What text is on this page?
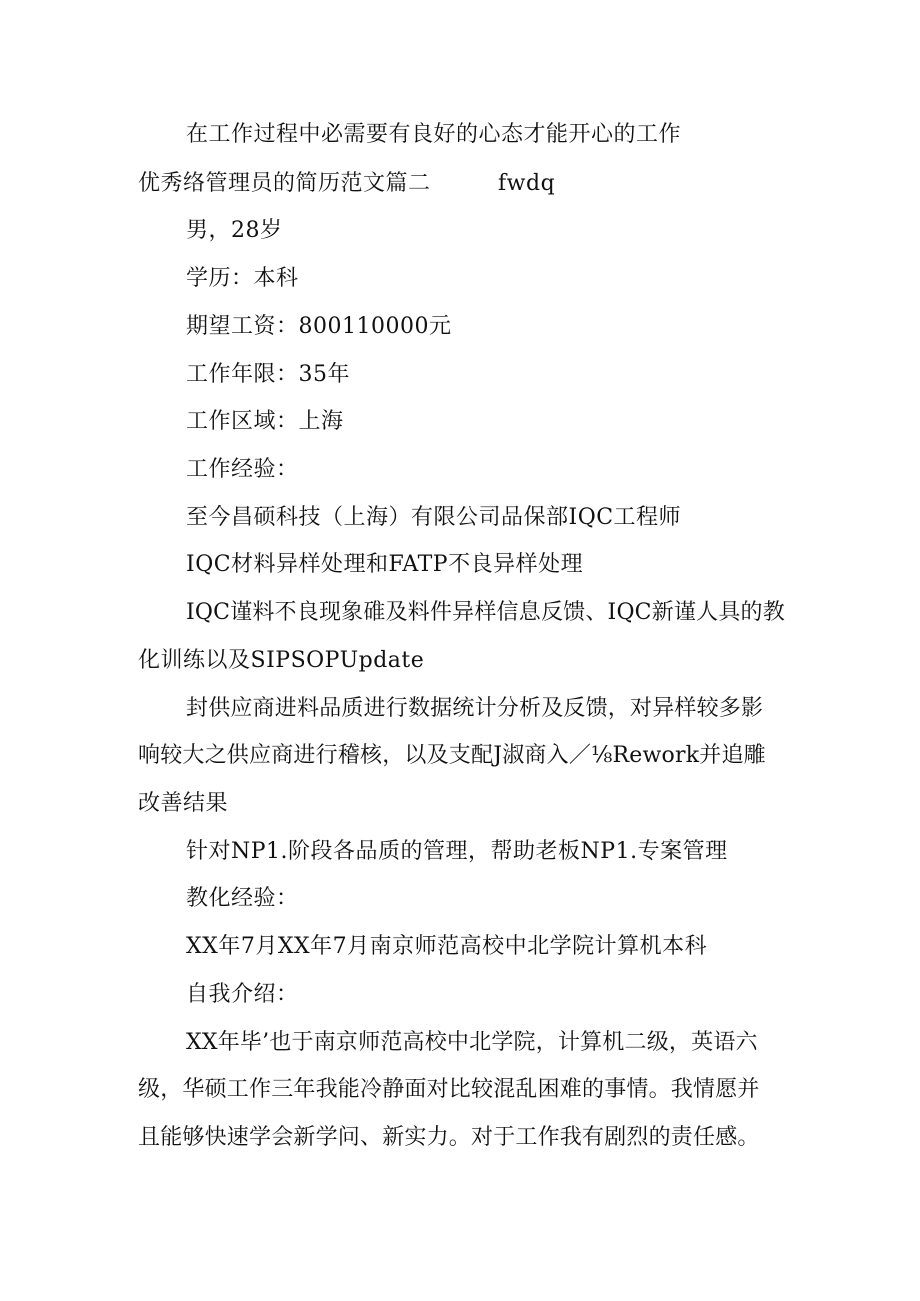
在工作过程中必需要有良好的心态才能开心的工作
优秀络管理员的简历范文篇二	fwdq
男，28岁
学历：本科
期望工资：800110000元
工作年限：35年
工作区域：上海
工作经验：
至今昌硕科技（上海）有限公司品保部IQC工程师
IQC材料异样处理和FATP不良异样处理
IQC谨料不良现象碓及料件异样信息反馈、IQC新谨人具的教
化训练以及SIPSOPUpdate
封供应商进料品质进行数据统计分析及反馈，对异样较多影
响较大之供应商进行稽核，以及支配J淑商入／⅛Rework并追雕
改善结果
针对NP1.阶段各品质的管理，帮助老板NP1.专案管理
教化经验：
XX年7月XX年7月南京师范高校中北学院计算机本科
自我介绍：
XX年毕’也于南京师范高校中北学院，计算机二级，英语六
级，华硕工作三年我能冷静面对比较混乱困难的事情。我情愿并
且能够快速学会新学问、新实力。对于工作我有剧烈的责任感。
